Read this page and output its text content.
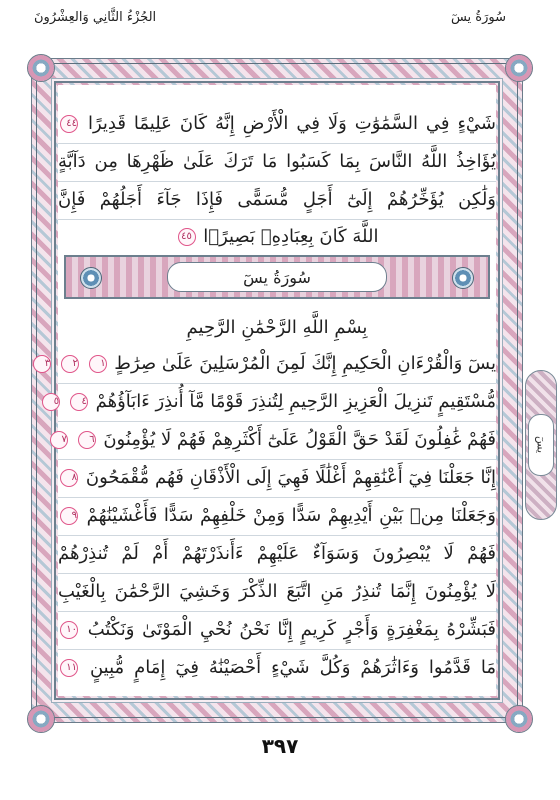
سُورَةُ يسٓ
الجُزْءُ الثَّانِي وَالعِشْرُونَ
شَيْءٍ فِي السَّمَٰوَٰتِ وَلَا فِي الْأَرْضِ إِنَّهُ كَانَ عَلِيمًا قَدِيرًا ٤٤
يُؤَاخِذُ اللَّهُ النَّاسَ بِمَا كَسَبُوا مَا تَرَكَ عَلَىٰ ظَهْرِهَا مِن دَآبَّةٍ
وَلَٰكِن يُؤَخِّرُهُمْ إِلَىٰٓ أَجَلٍ مُّسَمًّى فَإِذَا جَآءَ أَجَلُهُمْ فَإِنَّ
اللَّهَ كَانَ بِعِبَادِهِۦ بَصِيرًۢا ٤٥
سُورَةُ يسٓ
بِسْمِ اللَّهِ الرَّحْمَٰنِ الرَّحِيمِ
يسٓ وَالْقُرْءَانِ الْحَكِيمِ إِنَّكَ لَمِنَ الْمُرْسَلِينَ عَلَىٰ صِرَٰطٍ ١ ٢ ٣
مُّسْتَقِيمٍ تَنزِيلَ الْعَزِيزِ الرَّحِيمِ لِتُنذِرَ قَوْمًا مَّآ أُنذِرَ ءَابَآؤُهُمْ ٤ ٥
فَهُمْ غَٰفِلُونَ لَقَدْ حَقَّ الْقَوْلُ عَلَىٰٓ أَكْثَرِهِمْ فَهُمْ لَا يُؤْمِنُونَ ٦ ٧
إِنَّا جَعَلْنَا فِيٓ أَعْنَٰقِهِمْ أَغْلَٰلًا فَهِيَ إِلَى الْأَذْقَانِ فَهُم مُّقْمَحُونَ ٨
وَجَعَلْنَا مِنۢ بَيْنِ أَيْدِيهِمْ سَدًّا وَمِنْ خَلْفِهِمْ سَدًّا فَأَغْشَيْنَٰهُمْ ٩
فَهُمْ لَا يُبْصِرُونَ وَسَوَآءٌ عَلَيْهِمْ ءَأَنذَرْتَهُمْ أَمْ لَمْ تُنذِرْهُمْ
لَا يُؤْمِنُونَ إِنَّمَا تُنذِرُ مَنِ اتَّبَعَ الذِّكْرَ وَخَشِيَ الرَّحْمَٰنَ بِالْغَيْبِ
فَبَشِّرْهُ بِمَغْفِرَةٍ وَأَجْرٍ كَرِيمٍ إِنَّا نَحْنُ نُحْيِ الْمَوْتَىٰ وَنَكْتُبُ ١٠
مَا قَدَّمُوا وَءَاثَٰرَهُمْ وَكُلَّ شَيْءٍ أَحْصَيْنَٰهُ فِيٓ إِمَامٍ مُّبِينٍ ١١
يسٓ
٣٩٧
